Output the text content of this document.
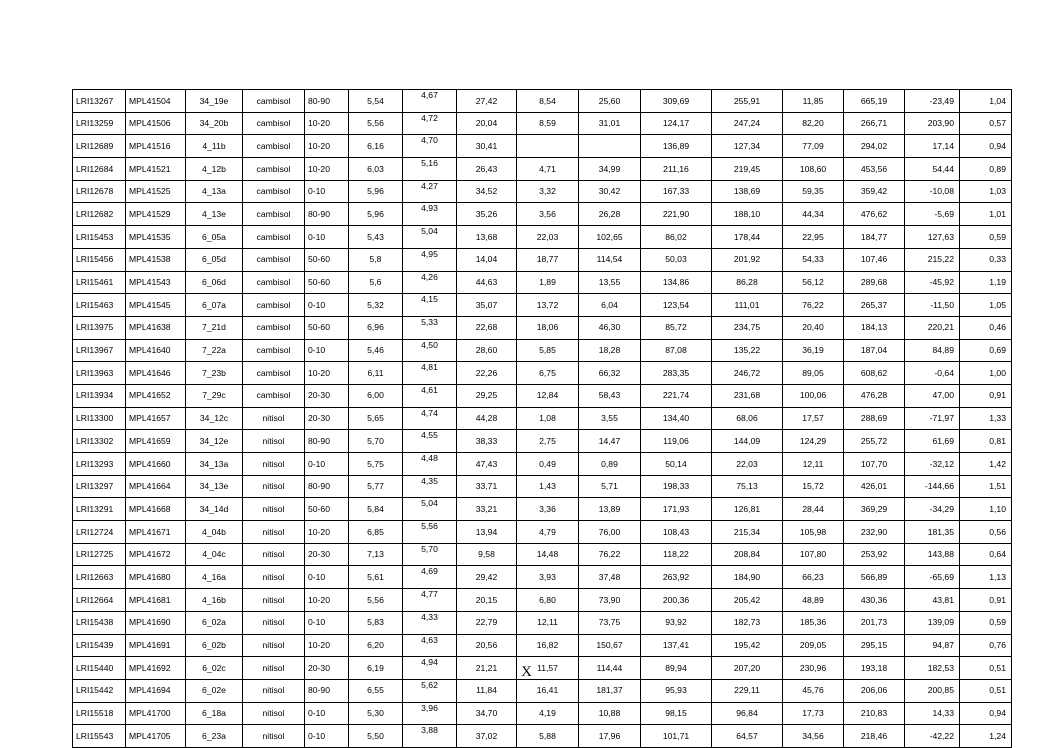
LRI13267	MPL41504	34_19e	cambisol	80-90	5,54	4,67	27,42	8,54	25,60	309,69	255,91	11,85	665,19	-23,49	1,04
LRI13259	MPL41506	34_20b	cambisol	10-20	5,56	4,72	20,04	8,59	31,01	124,17	247,24	82,20	266,71	203,90	0,57
LRI12689	MPL41516	4_11b	cambisol	10-20	6,16	4,70	30,41			136,89	127,34	77,09	294,02	17,14	0,94
LRI12684	MPL41521	4_12b	cambisol	10-20	6,03	5,16	26,43	4,71	34,99	211,16	219,45	108,60	453,56	54,44	0,89
LRI12678	MPL41525	4_13a	cambisol	0-10	5,96	4,27	34,52	3,32	30,42	167,33	138,69	59,35	359,42	-10,08	1,03
LRI12682	MPL41529	4_13e	cambisol	80-90	5,96	4,93	35,26	3,56	26,28	221,90	188,10	44,34	476,62	-5,69	1,01
LRI15453	MPL41535	6_05a	cambisol	0-10	5,43	5,04	13,68	22,03	102,65	86,02	178,44	22,95	184,77	127,63	0,59
LRI15456	MPL41538	6_05d	cambisol	50-60	5,8	4,95	14,04	18,77	114,54	50,03	201,92	54,33	107,46	215,22	0,33
LRI15461	MPL41543	6_06d	cambisol	50-60	5,6	4,26	44,63	1,89	13,55	134,86	86,28	56,12	289,68	-45,92	1,19
LRI15463	MPL41545	6_07a	cambisol	0-10	5,32	4,15	35,07	13,72	6,04	123,54	111,01	76,22	265,37	-11,50	1,05
LRI13975	MPL41638	7_21d	cambisol	50-60	6,96	5,33	22,68	18,06	46,30	85,72	234,75	20,40	184,13	220,21	0,46
LRI13967	MPL41640	7_22a	cambisol	0-10	5,46	4,50	28,60	5,85	18,28	87,08	135,22	36,19	187,04	84,89	0,69
LRI13963	MPL41646	7_23b	cambisol	10-20	6,11	4,81	22,26	6,75	66,32	283,35	246,72	89,05	608,62	-0,64	1,00
LRI13934	MPL41652	7_29c	cambisol	20-30	6,00	4,61	29,25	12,84	58,43	221,74	231,68	100,06	476,28	47,00	0,91
LRI13300	MPL41657	34_12c	nitisol	20-30	5,65	4,74	44,28	1,08	3,55	134,40	68,06	17,57	288,69	-71,97	1,33
LRI13302	MPL41659	34_12e	nitisol	80-90	5,70	4,55	38,33	2,75	14,47	119,06	144,09	124,29	255,72	61,69	0,81
LRI13293	MPL41660	34_13a	nitisol	0-10	5,75	4,48	47,43	0,49	0,89	50,14	22,03	12,11	107,70	-32,12	1,42
LRI13297	MPL41664	34_13e	nitisol	80-90	5,77	4,35	33,71	1,43	5,71	198,33	75,13	15,72	426,01	-144,66	1,51
LRI13291	MPL41668	34_14d	nitisol	50-60	5,84	5,04	33,21	3,36	13,89	171,93	126,81	28,44	369,29	-34,29	1,10
LRI12724	MPL41671	4_04b	nitisol	10-20	6,85	5,56	13,94	4,79	76,00	108,43	215,34	105,98	232,90	181,35	0,56
LRI12725	MPL41672	4_04c	nitisol	20-30	7,13	5,70	9,58	14,48	76,22	118,22	208,84	107,80	253,92	143,88	0,64
LRI12663	MPL41680	4_16a	nitisol	0-10	5,61	4,69	29,42	3,93	37,48	263,92	184,90	66,23	566,89	-65,69	1,13
LRI12664	MPL41681	4_16b	nitisol	10-20	5,56	4,77	20,15	6,80	73,90	200,36	205,42	48,89	430,36	43,81	0,91
LRI15438	MPL41690	6_02a	nitisol	0-10	5,83	4,33	22,79	12,11	73,75	93,92	182,73	185,36	201,73	139,09	0,59
LRI15439	MPL41691	6_02b	nitisol	10-20	6,20	4,63	20,56	16,82	150,67	137,41	195,42	209,05	295,15	94,87	0,76
LRI15440	MPL41692	6_02c	nitisol	20-30	6,19	4,94	21,21	11,57	114,44	89,94	207,20	230,96	193,18	182,53	0,51
LRI15442	MPL41694	6_02e	nitisol	80-90	6,55	5,62	11,84	16,41	181,37	95,93	229,11	45,76	206,06	200,85	0,51
LRI15518	MPL41700	6_18a	nitisol	0-10	5,30	3,96	34,70	4,19	10,88	98,15	96,84	17,73	210,83	14,33	0,94
LRI15543	MPL41705	6_23a	nitisol	0-10	5,50	3,88	37,02	5,88	17,96	101,71	64,57	34,56	218,46	-42,22	1,24
X
